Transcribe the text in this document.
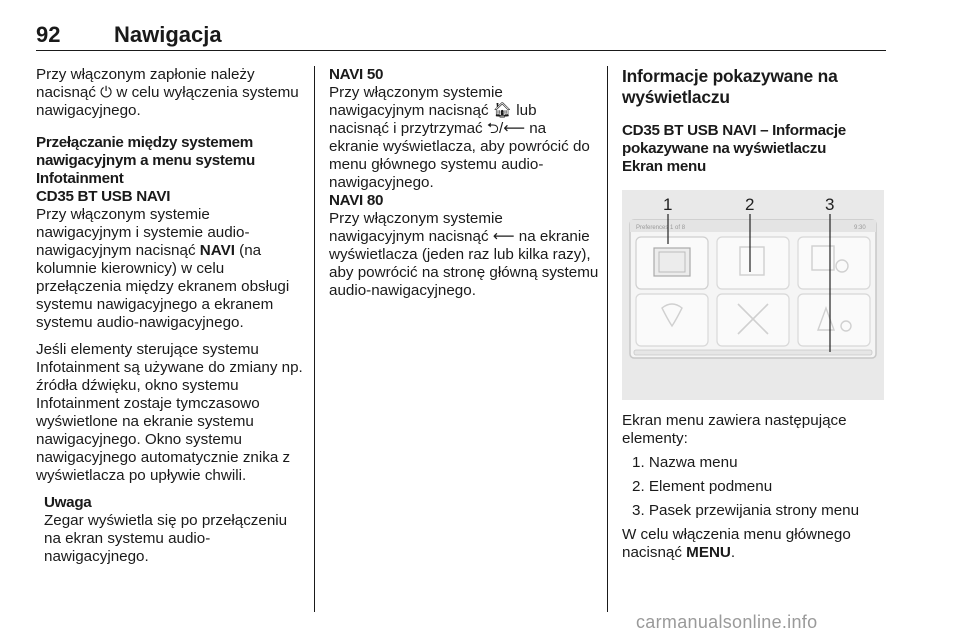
92 Nawigacja

Przy włączonym zapłonie należy nacisnąć ⏻ w celu wyłączenia systemu nawigacyjnego.

Przełączanie między systemem nawigacyjnym a menu systemu Infotainment

CD35 BT USB NAVI

Przy włączonym systemie nawigacyjnym i systemie audio-nawigacyjnym nacisnąć NAVI (na kolumnie kierownicy) w celu przełączenia między ekranem obsługi systemu nawigacyjnego a ekranem systemu audio-nawigacyjnego.

Jeśli elementy sterujące systemu Infotainment są używane do zmiany np. źródła dźwięku, okno systemu Infotainment zostaje tymczasowo wyświetlone na ekranie systemu nawigacyjnego. Okno systemu nawigacyjnego automatycznie znika z wyświetlacza po upływie chwili.

Uwaga

Zegar wyświetla się po przełączeniu na ekran systemu audio-nawigacyjnego.

NAVI 50

Przy włączonym systemie nawigacyjnym nacisnąć 🏠︎ lub nacisnąć i przytrzymać ⮌/⟵ na ekranie wyświetlacza, aby powrócić do menu głównego systemu audio-nawigacyjnego.

NAVI 80

Przy włączonym systemie nawigacyjnym nacisnąć ⟵ na ekranie wyświetlacza (jeden raz lub kilka razy), aby powrócić na stronę główną systemu audio-nawigacyjnego.

Informacje pokazywane na wyświetlaczu

CD35 BT USB NAVI – Informacje pokazywane na wyświetlaczu

Ekran menu

Preferences 1 of 8	9:30
1	2	3

Ekran menu zawiera następujące elementy:

1. Nazwa menu
2. Element podmenu
3. Pasek przewijania strony menu

W celu włączenia menu głównego nacisnąć MENU.

carmanualsonline.info
